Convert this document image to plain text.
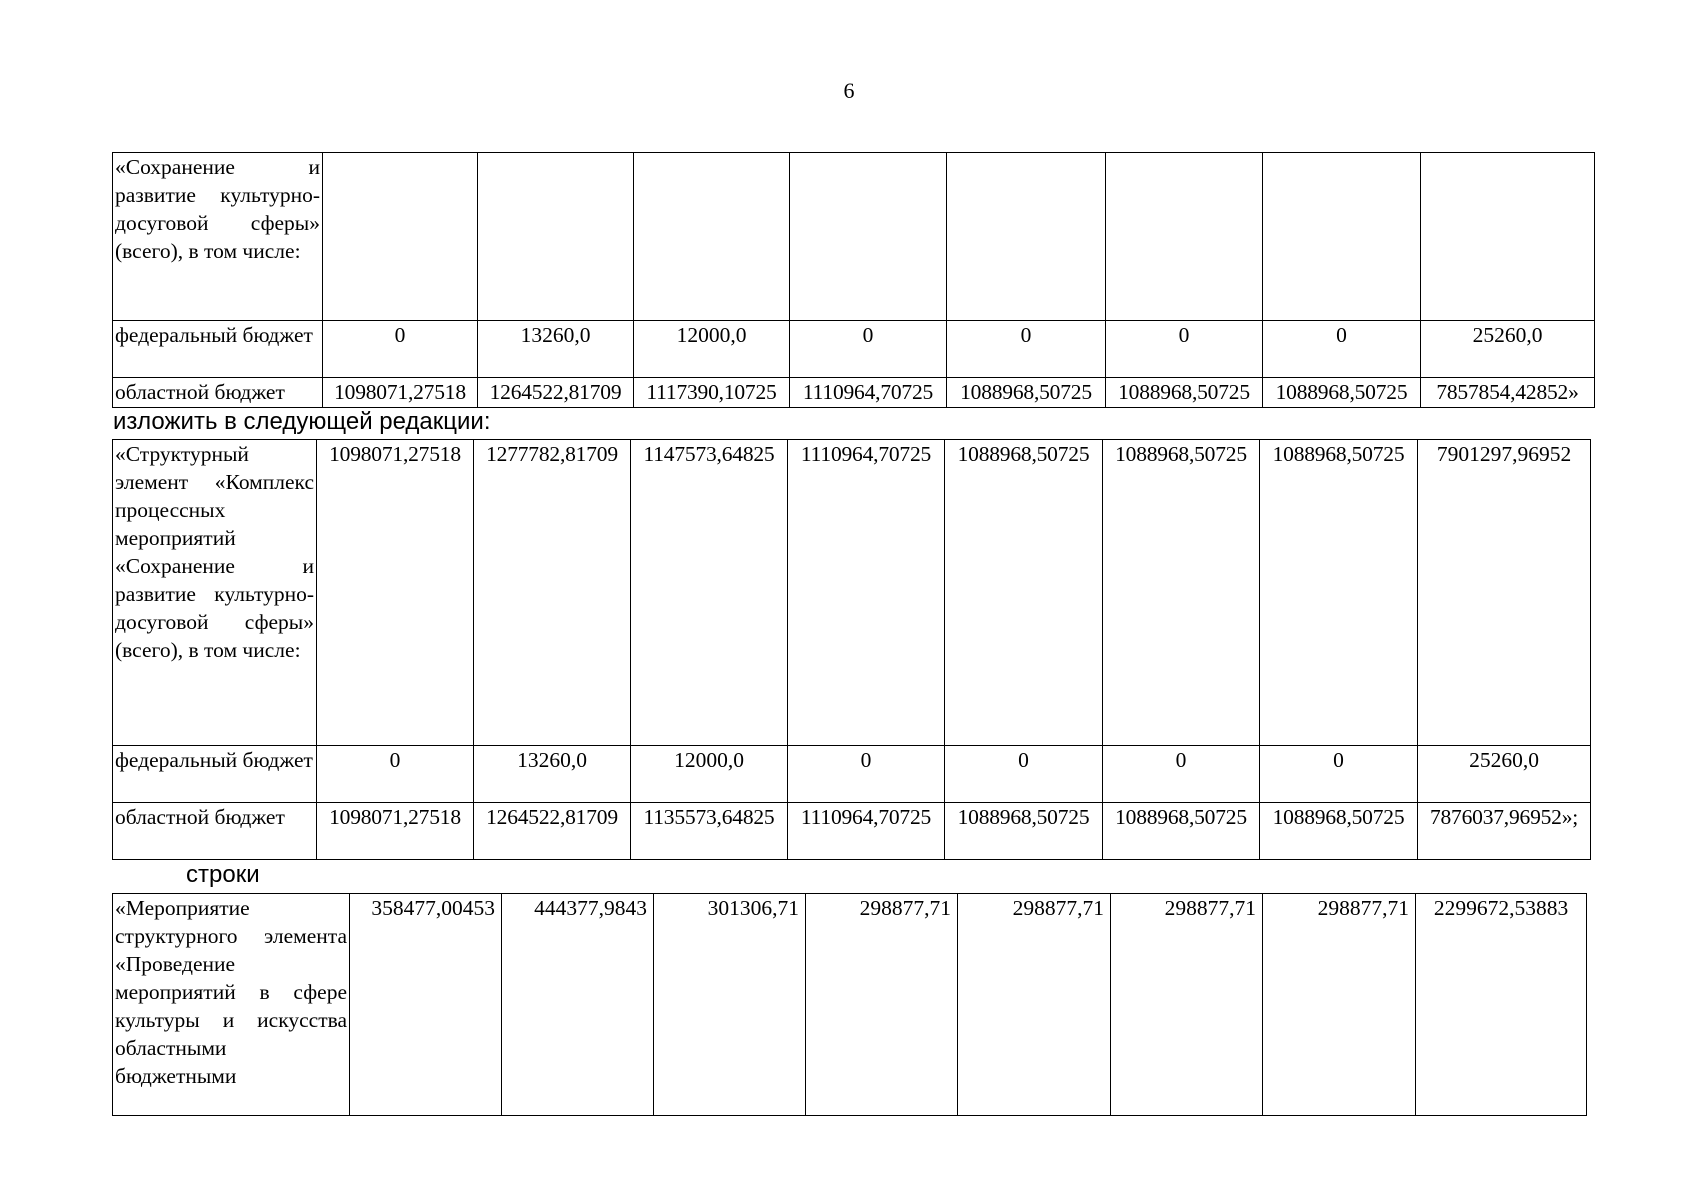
6
«Сохранение и развитие культурно-досуговой сферы» (всего), в том числе:								
федеральный бюджет	0	13260,0	12000,0	0	0	0	0	25260,0
областной бюджет	1098071,27518	1264522,81709	1117390,10725	1110964,70725	1088968,50725	1088968,50725	1088968,50725	7857854,42852»
изложить в следующей редакции:
«Структурный элемент «Комплекс процессных мероприятий «Сохранение и развитие культурно-досуговой сферы» (всего), в том числе:	1098071,27518	1277782,81709	1147573,64825	1110964,70725	1088968,50725	1088968,50725	1088968,50725	7901297,96952
федеральный бюджет	0	13260,0	12000,0	0	0	0	0	25260,0
областной бюджет	1098071,27518	1264522,81709	1135573,64825	1110964,70725	1088968,50725	1088968,50725	1088968,50725	7876037,96952»;
строки
«Мероприятие структурного элемента «Проведение мероприятий в сфере культуры и искусства областными бюджетными	358477,00453	444377,9843	301306,71	298877,71	298877,71	298877,71	298877,71	2299672,53883
